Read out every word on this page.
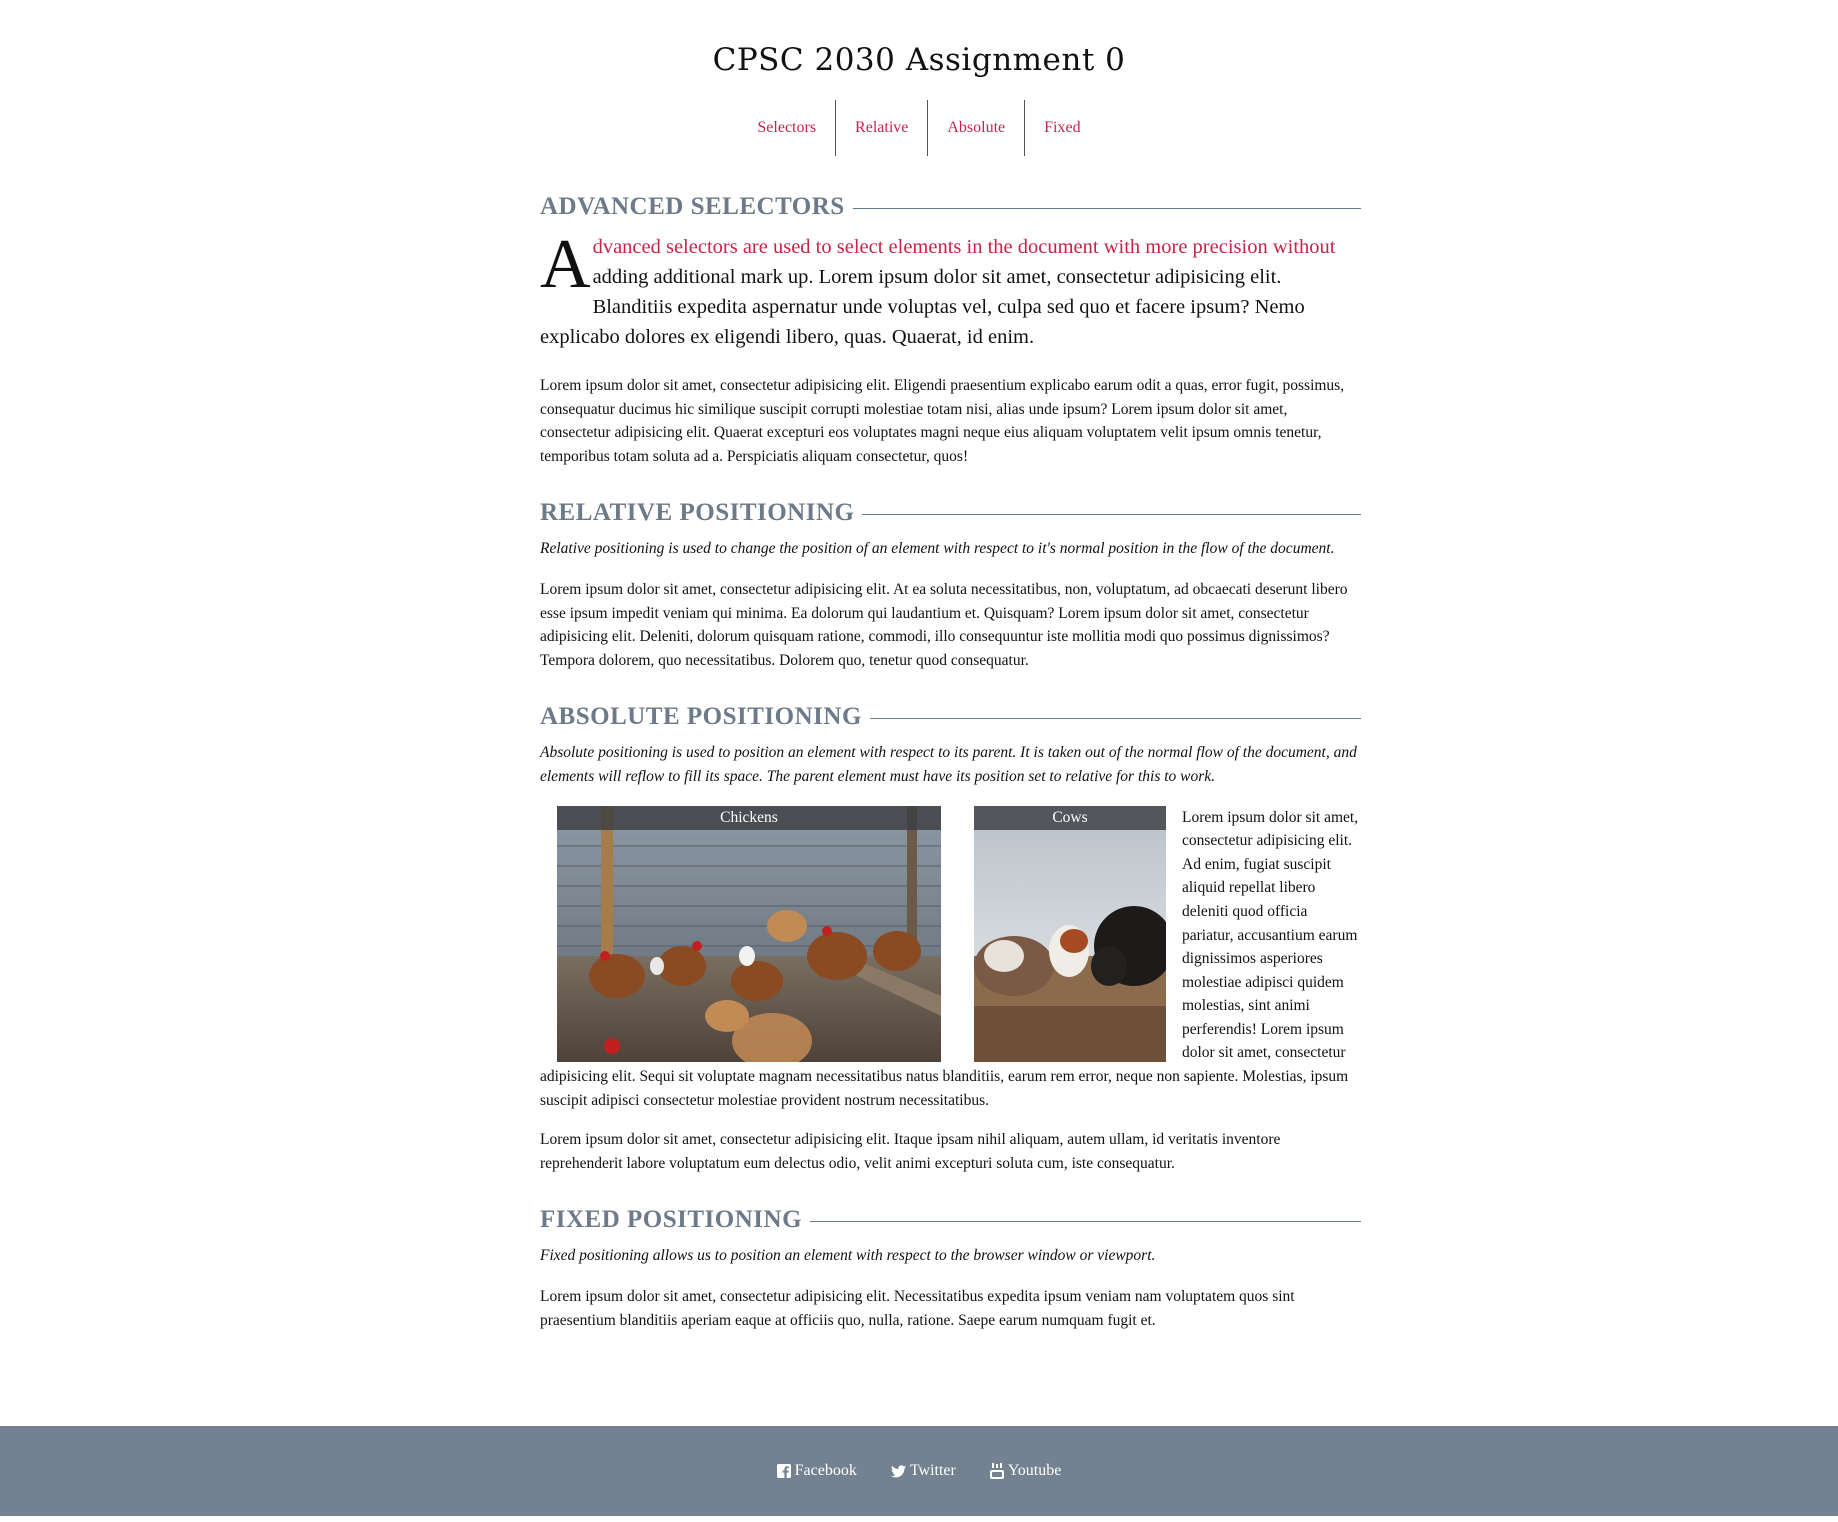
CPSC 2030 Assignment 0
Selectors	Relative	Absolute	Fixed
ADVANCED SELECTORS

Advanced selectors are used to select elements in the document with more precision without adding additional mark up. Lorem ipsum dolor sit amet, consectetur adipisicing elit. Blanditiis expedita aspernatur unde voluptas vel, culpa sed quo et facere ipsum? Nemo explicabo dolores ex eligendi libero, quas. Quaerat, id enim.

Lorem ipsum dolor sit amet, consectetur adipisicing elit. Eligendi praesentium explicabo earum odit a quas, error fugit, possimus, consequatur ducimus hic similique suscipit corrupti molestiae totam nisi, alias unde ipsum? Lorem ipsum dolor sit amet, consectetur adipisicing elit. Quaerat excepturi eos voluptates magni neque eius aliquam voluptatem velit ipsum omnis tenetur, temporibus totam soluta ad a. Perspiciatis aliquam consectetur, quos!

RELATIVE POSITIONING

Relative positioning is used to change the position of an element with respect to it's normal position in the flow of the document.

Lorem ipsum dolor sit amet, consectetur adipisicing elit. At ea soluta necessitatibus, non, voluptatum, ad obcaecati deserunt libero esse ipsum impedit veniam qui minima. Ea dolorum qui laudantium et. Quisquam? Lorem ipsum dolor sit amet, consectetur adipisicing elit. Deleniti, dolorum quisquam ratione, commodi, illo consequuntur iste mollitia modi quo possimus dignissimos? Tempora dolorem, quo necessitatibus. Dolorem quo, tenetur quod consequatur.

ABSOLUTE POSITIONING

Absolute positioning is used to position an element with respect to its parent. It is taken out of the normal flow of the document, and elements will reflow to fill its space. The parent element must have its position set to relative for this to work.

Chickens	Cows	Lorem ipsum dolor sit amet, consectetur adipisicing elit. Ad enim, fugiat suscipit aliquid repellat libero deleniti quod officia pariatur, accusantium earum dignissimos asperiores molestiae adipisci quidem molestias, sint animi perferendis! Lorem ipsum dolor sit amet, consectetur adipisicing elit. Sequi sit voluptate magnam necessitatibus natus blanditiis, earum rem error, neque non sapiente. Molestias, ipsum suscipit adipisci consectetur molestiae provident nostrum necessitatibus.

Lorem ipsum dolor sit amet, consectetur adipisicing elit. Itaque ipsam nihil aliquam, autem ullam, id veritatis inventore reprehenderit labore voluptatum eum delectus odio, velit animi excepturi soluta cum, iste consequatur.

FIXED POSITIONING

Fixed positioning allows us to position an element with respect to the browser window or viewport.

Lorem ipsum dolor sit amet, consectetur adipisicing elit. Necessitatibus expedita ipsum veniam nam voluptatem quos sint praesentium blanditiis aperiam eaque at officiis quo, nulla, ratione. Saepe earum numquam fugit et.

Facebook	Twitter	Youtube
